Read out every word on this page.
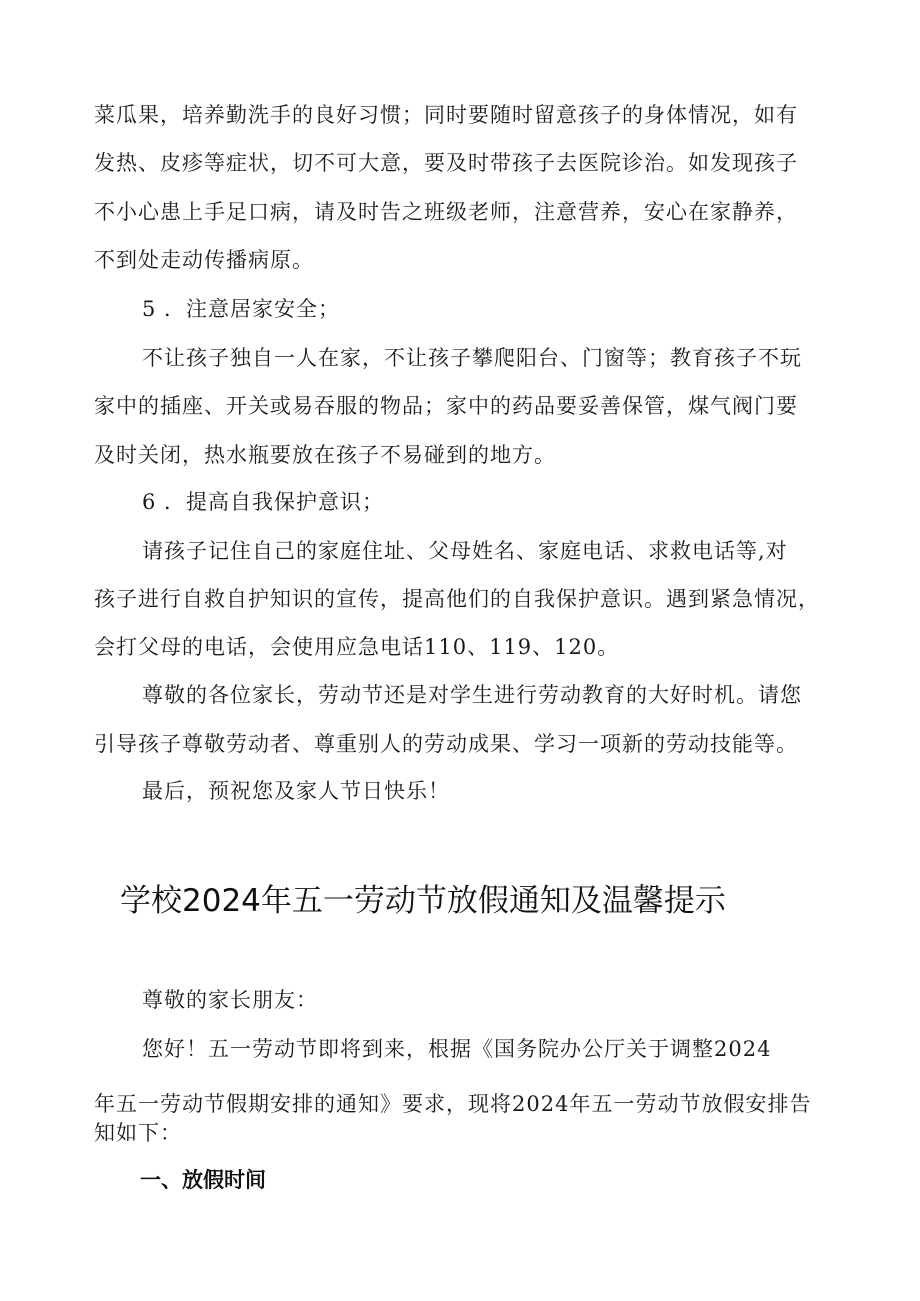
菜瓜果，培养勤洗手的良好习惯；同时要随时留意孩子的身体情况，如有
发热、皮疹等症状，切不可大意，要及时带孩子去医院诊治。如发现孩子
不小心患上手足口病，请及时告之班级老师，注意营养，安心在家静养，
不到处走动传播病原。
5 ．注意居家安全；
不让孩子独自一人在家，不让孩子攀爬阳台、门窗等；教育孩子不玩
家中的插座、开关或易吞服的物品；家中的药品要妥善保管，煤气阀门要
及时关闭，热水瓶要放在孩子不易碰到的地方。
6 ．提高自我保护意识；
请孩子记住自己的家庭住址、父母姓名、家庭电话、求救电话等,对
孩子进行自救自护知识的宣传，提高他们的自我保护意识。遇到紧急情况，
会打父母的电话，会使用应急电话110、119、120。
尊敬的各位家长，劳动节还是对学生进行劳动教育的大好时机。请您
引导孩子尊敬劳动者、尊重别人的劳动成果、学习一项新的劳动技能等。
最后，预祝您及家人节日快乐！
学校2024年五一劳动节放假通知及温馨提示
尊敬的家长朋友：
您好！五一劳动节即将到来，根据《国务院办公厅关于调整2024
年五一劳动节假期安排的通知》要求，现将2024年五一劳动节放假安排告
知如下：
一、放假时间
